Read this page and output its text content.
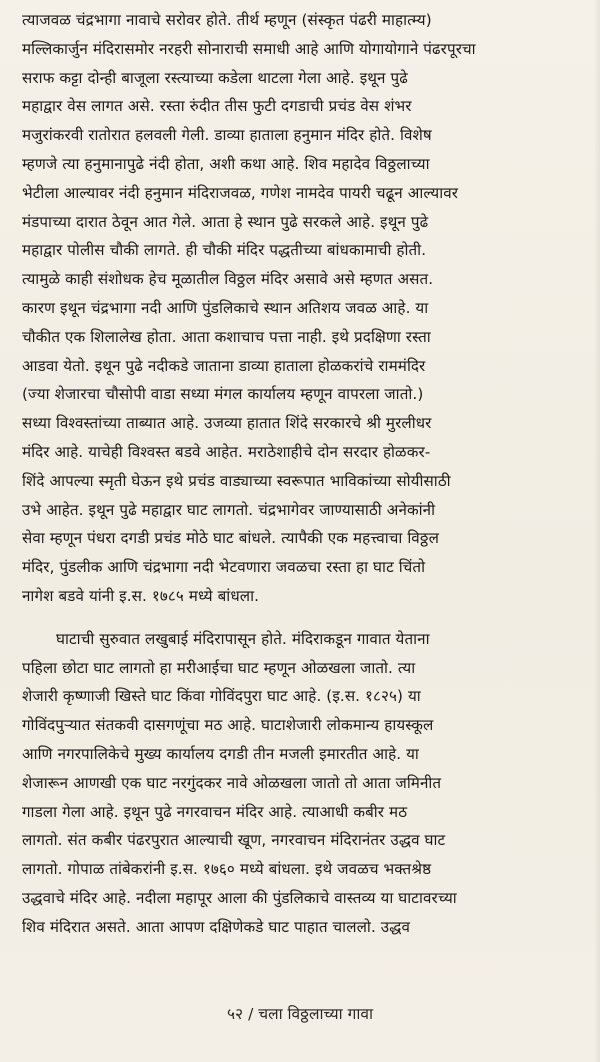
त्याजवळ चंद्रभागा नावाचे सरोवर होते. तीर्थ म्हणून (संस्कृत पंढरी माहात्म्य)
मल्लिकार्जुन मंदिरासमोर नरहरी सोनाराची समाधी आहे आणि योगायोगाने पंढरपूरचा
सराफ कट्टा दोन्ही बाजूला रस्त्याच्या कडेला थाटला गेला आहे. इथून पुढे
महाद्वार वेस लागत असे. रस्ता रुंदीत तीस फुटी दगडाची प्रचंड वेस शंभर
मजुरांकरवी रातोरात हलवली गेली. डाव्या हाताला हनुमान मंदिर होते. विशेष
म्हणजे त्या हनुमानापुढे नंदी होता, अशी कथा आहे. शिव महादेव विठ्ठलाच्या
भेटीला आल्यावर नंदी हनुमान मंदिराजवळ, गणेश नामदेव पायरी चढून आल्यावर
मंडपाच्या दारात ठेवून आत गेले. आता हे स्थान पुढे सरकले आहे. इथून पुढे
महाद्वार पोलीस चौकी लागते. ही चौकी मंदिर पद्धतीच्या बांधकामाची होती.
त्यामुळे काही संशोधक हेच मूळातील विठ्ठल मंदिर असावे असे म्हणत असत.
कारण इथून चंद्रभागा नदी आणि पुंडलिकाचे स्थान अतिशय जवळ आहे. या
चौकीत एक शिलालेख होता. आता कशाचाच पत्ता नाही. इथे प्रदक्षिणा रस्ता
आडवा येतो. इथून पुढे नदीकडे जाताना डाव्या हाताला होळकरांचे राममंदिर
(ज्या शेजारचा चौसोपी वाडा सध्या मंगल कार्यालय म्हणून वापरला जातो.)
सध्या विश्वस्तांच्या ताब्यात आहे. उजव्या हातात शिंदे सरकारचे श्री मुरलीधर
मंदिर आहे. याचेही विश्वस्त बडवे आहेत. मराठेशाहीचे दोन सरदार होळकर-
शिंदे आपल्या स्मृती घेऊन इथे प्रचंड वाड्याच्या स्वरूपात भाविकांच्या सोयीसाठी
उभे आहेत. इथून पुढे महाद्वार घाट लागतो. चंद्रभागेवर जाण्यासाठी अनेकांनी
सेवा म्हणून पंधरा दगडी प्रचंड मोठे घाट बांधले. त्यापैकी एक महत्त्वाचा विठ्ठल
मंदिर, पुंडलीक आणि चंद्रभागा नदी भेटवणारा जवळचा रस्ता हा घाट चिंतो
नागेश बडवे यांनी इ.स. १७८५ मध्ये बांधला.
घाटाची सुरुवात लखुबाई मंदिरापासून होते. मंदिराकडून गावात येताना
पहिला छोटा घाट लागतो हा मरीआईचा घाट म्हणून ओळखला जातो. त्या
शेजारी कृष्णाजी खिस्ते घाट किंवा गोविंदपुरा घाट आहे. (इ.स. १८२५) या
गोविंदपुऱ्यात संतकवी दासगणूंचा मठ आहे. घाटाशेजारी लोकमान्य हायस्कूल
आणि नगरपालिकेचे मुख्य कार्यालय दगडी तीन मजली इमारतीत आहे. या
शेजारून आणखी एक घाट नरगुंदकर नावे ओळखला जातो तो आता जमिनीत
गाडला गेला आहे. इथून पुढे नगरवाचन मंदिर आहे. त्याआधी कबीर मठ
लागतो. संत कबीर पंढरपुरात आल्याची खूण, नगरवाचन मंदिरानंतर उद्धव घाट
लागतो. गोपाळ तांबेकरांनी इ.स. १७६० मध्ये बांधला. इथे जवळच भक्तश्रेष्ठ
उद्धवाचे मंदिर आहे. नदीला महापूर आला की पुंडलिकाचे वास्तव्य या घाटावरच्या
शिव मंदिरात असते. आता आपण दक्षिणेकडे घाट पाहात चाललो. उद्धव
५२ / चला विठ्ठलाच्या गावा
